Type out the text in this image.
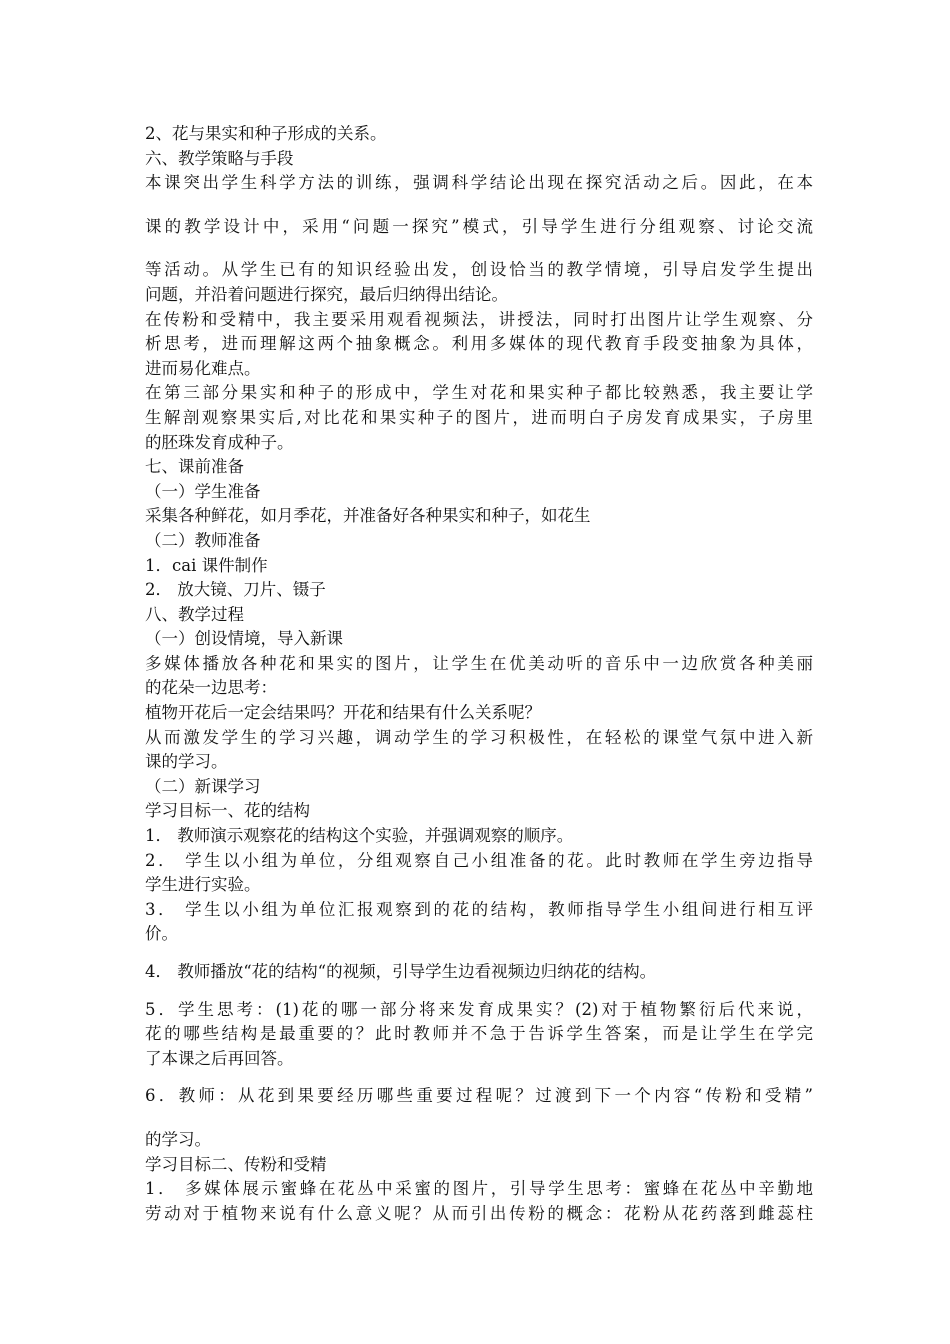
2、花与果实和种子形成的关系。
六、教学策略与手段
本课突出学生科学方法的训练，强调科学结论出现在探究活动之后。因此，在本
课的教学设计中，采用“问题一探究”模式，引导学生进行分组观察、讨论交流
等活动。从学生已有的知识经验出发，创设恰当的教学情境，引导启发学生提出
问题，并沿着问题进行探究，最后归纳得出结论。
在传粉和受精中，我主要采用观看视频法，讲授法，同时打出图片让学生观察、分
析思考，进而理解这两个抽象概念。利用多媒体的现代教育手段变抽象为具体，
进而易化难点。
在第三部分果实和种子的形成中，学生对花和果实种子都比较熟悉，我主要让学
生解剖观察果实后,对比花和果实种子的图片，进而明白子房发育成果实，子房里
的胚珠发育成种子。
七、课前准备
（一）学生准备
采集各种鲜花，如月季花，并准备好各种果实和种子，如花生
（二）教师准备
1．cai 课件制作
2． 放大镜、刀片、镊子
八、教学过程
（一）创设情境，导入新课
多媒体播放各种花和果实的图片，让学生在优美动听的音乐中一边欣赏各种美丽
的花朵一边思考：
植物开花后一定会结果吗？开花和结果有什么关系呢？
从而激发学生的学习兴趣，调动学生的学习积极性，在轻松的课堂气氛中进入新
课的学习。
（二）新课学习
学习目标一、花的结构
1． 教师演示观察花的结构这个实验，并强调观察的顺序。
2． 学生以小组为单位，分组观察自己小组准备的花。此时教师在学生旁边指导
学生进行实验。
3． 学生以小组为单位汇报观察到的花的结构，教师指导学生小组间进行相互评
价。
4． 教师播放“花的结构“的视频，引导学生边看视频边归纳花的结构。
5．学生思考：(1)花的哪一部分将来发育成果实？(2)对于植物繁衍后代来说，
花的哪些结构是最重要的？此时教师并不急于告诉学生答案，而是让学生在学完
了本课之后再回答。
6．教师：从花到果要经历哪些重要过程呢？过渡到下一个内容“传粉和受精”
的学习。
学习目标二、传粉和受精
1． 多媒体展示蜜蜂在花丛中采蜜的图片，引导学生思考：蜜蜂在花丛中辛勤地
劳动对于植物来说有什么意义呢？从而引出传粉的概念：花粉从花药落到雌蕊柱
